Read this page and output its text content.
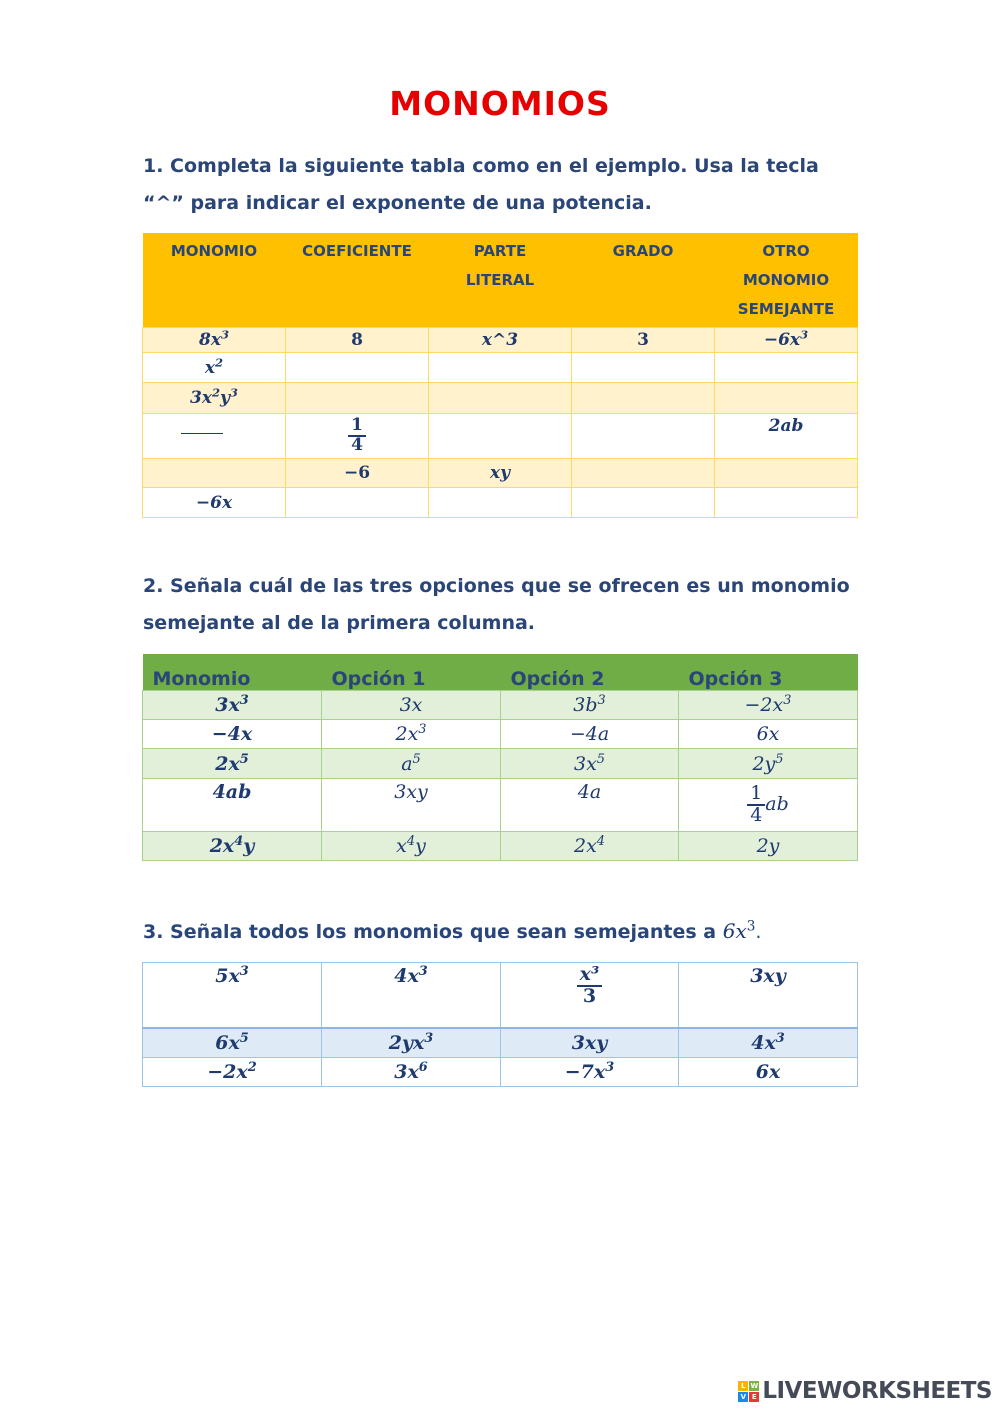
MONOMIOS
1. Completa la siguiente tabla como en el ejemplo. Usa la tecla
“^” para indicar el exponente de una potencia.
MONOMIO	COEFICIENTE	PARTE LITERAL	GRADO	OTRO MONOMIO SEMEJANTE
$8x^3$	8	x^3	3	$-6x^3$
$x^2$				
$3x^2y^3$				

	$\frac{1}{4}$			2ab
	−6	xy		
−6x				
2. Señala cuál de las tres opciones que se ofrecen es un monomio
semejante al de la primera columna.
Monomio	Opción 1	Opción 2	Opción 3
$3x^3$	3x	$3b^3$	$-2x^3$
−4x	$2x^3$	−4a	6x
$2x^5$	$a^5$	$3x^5$	$2y^5$
4ab	3xy	4a	$\frac{1}{4}$ ab
$2x^4y$	$x^4y$	$2x^4$	2y
3. Señala todos los monomios que sean semejantes a $6x^3$.
$5x^3$	$4x^3$	$\frac{\text{x³}}{3}$	3xy
$6x^5$	$2yx^3$	3xy	$4x^3$
$-2x^2$	$3x^6$	$-7x^3$	6x
L W
V E LIVEWORKSHEETS
